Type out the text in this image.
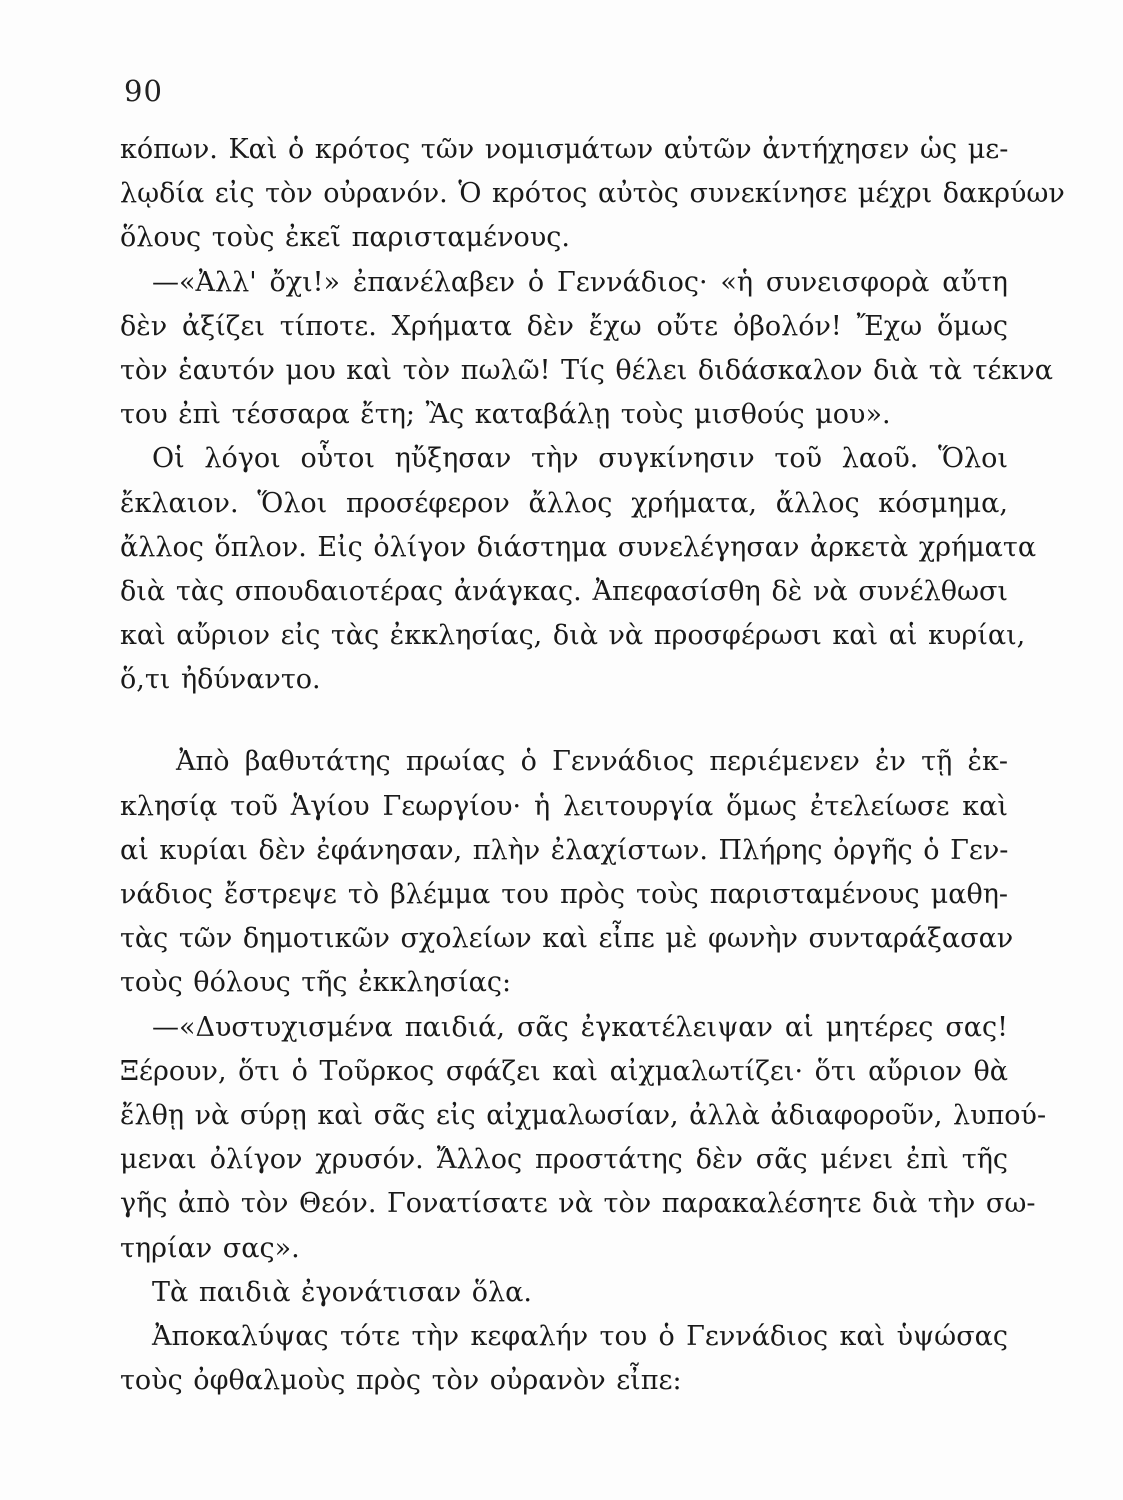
90
κόπων. Καὶ ὁ κρότος τῶν νομισμάτων αὐτῶν ἀντήχησεν ὡς με-
λῳδία εἰς τὸν οὐρανόν. Ὁ κρότος αὐτὸς συνεκίνησε μέχρι δακρύων
ὅλους τοὺς ἐκεῖ παρισταμένους.
—«Ἀλλ' ὄχι!» ἐπανέλαβεν ὁ Γεννάδιος· «ἡ συνεισφορὰ αὔτη
δὲν ἀξίζει τίποτε. Χρήματα δὲν ἔχω οὔτε ὀβολόν! Ἔχω ὅμως
τὸν ἑαυτόν μου καὶ τὸν πωλῶ! Τίς θέλει διδάσκαλον διὰ τὰ τέκνα
του ἐπὶ τέσσαρα ἔτη; Ἂς καταβάλῃ τοὺς μισθούς μου».
Οἱ λόγοι οὗτοι ηὔξησαν τὴν συγκίνησιν τοῦ λαοῦ. Ὅλοι
ἔκλαιον. Ὅλοι προσέφερον ἄλλος χρήματα, ἄλλος κόσμημα,
ἄλλος ὅπλον. Εἰς ὀλίγον διάστημα συνελέγησαν ἀρκετὰ χρήματα
διὰ τὰς σπουδαιοτέρας ἀνάγκας. Ἀπεφασίσθη δὲ νὰ συνέλθωσι
καὶ αὔριον εἰς τὰς ἐκκλησίας, διὰ νὰ προσφέρωσι καὶ αἱ κυρίαι,
ὅ,τι ἠδύναντο.
Ἀπὸ βαθυτάτης πρωίας ὁ Γεννάδιος περιέμενεν ἐν τῇ ἐκ-
κλησίᾳ τοῦ Ἁγίου Γεωργίου· ἡ λειτουργία ὅμως ἐτελείωσε καὶ
αἱ κυρίαι δὲν ἐφάνησαν, πλὴν ἐλαχίστων. Πλήρης ὀργῆς ὁ Γεν-
νάδιος ἔστρεψε τὸ βλέμμα του πρὸς τοὺς παρισταμένους μαθη-
τὰς τῶν δημοτικῶν σχολείων καὶ εἶπε μὲ φωνὴν συνταράξασαν
τοὺς θόλους τῆς ἐκκλησίας:
—«Δυστυχισμένα παιδιά, σᾶς ἐγκατέλειψαν αἱ μητέρες σας!
Ξέρουν, ὅτι ὁ Τοῦρκος σφάζει καὶ αἰχμαλωτίζει· ὅτι αὔριον θὰ
ἔλθῃ νὰ σύρῃ καὶ σᾶς εἰς αἰχμαλωσίαν, ἀλλὰ ἀδιαφοροῦν, λυπού-
μεναι ὀλίγον χρυσόν. Ἄλλος προστάτης δὲν σᾶς μένει ἐπὶ τῆς
γῆς ἀπὸ τὸν Θεόν. Γονατίσατε νὰ τὸν παρακαλέσητε διὰ τὴν σω-
τηρίαν σας».
Τὰ παιδιὰ ἐγονάτισαν ὅλα.
Ἀποκαλύψας τότε τὴν κεφαλήν του ὁ Γεννάδιος καὶ ὑψώσας
τοὺς ὀφθαλμοὺς πρὸς τὸν οὐρανὸν εἶπε:
